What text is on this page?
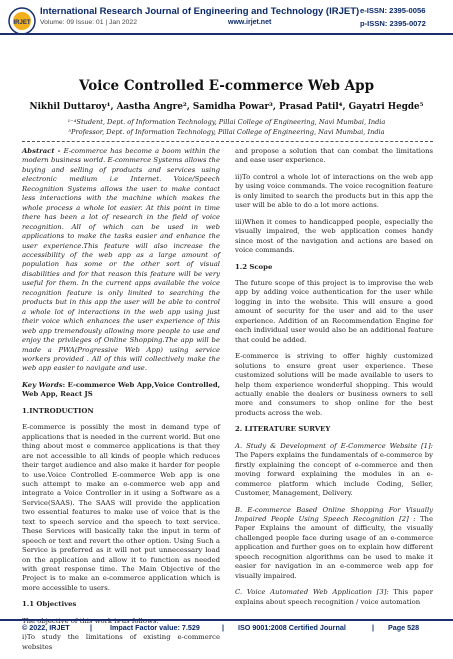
IRJET
International Research Journal of Engineering and Technology (IRJET)
Volume: 09 Issue: 01 | Jan 2022	www.irjet.net
e-ISSN: 2395-0056
p-ISSN: 2395-0072
Voice Controlled E-commerce Web App
Nikhil Duttaroy¹, Aastha Angre², Samidha Powar³, Prasad Patil⁴, Gayatri Hegde⁵
¹⁻⁴Student, Dept. of Information Technology, Pillai College of Engineering, Navi Mumbai, India
⁵Professor, Dept. of Information Technology, Pillai College of Engineering, Navi Mumbai, India

Abstract - E-commerce has become a boom within the modern business world. E-commerce Systems allows the buying and selling of products and services using electronic medium i.e Internet. Voice/Speech Recognition Systems allows the user to make contact less interactions with the machine which makes the whole process a whole lot easier. At this point in time there has been a lot of research in the field of voice recognition. All of which can be used in web applications to make the tasks easier and enhance the user experience.This feature will also increase the accessibility of the web app as a large amount of population has some or the other sort of visual disabilities and for that reason this feature will be very useful for them. In the current apps available the voice recognition feature is only limited to searching the products but in this app the user will be able to control a whole lot of interactions in the web app using just their voice which enhances the user experience of this web app tremendously allowing more people to use and enjoy the privileges of Online Shopping.The app will be made a PWA(Progressive Web App) using service workers provided . All of this will collectively make the web app easier to navigate and use.

Key Words: E-commerce Web App,Voice Controlled, Web App, React JS

1.INTRODUCTION

E-commerce is possibly the most in demand type of applications that is needed in the current world. But one thing about most e commerce applications is that they are not accessible to all kinds of people which reduces their target audience and also make it harder for people to use.Voice Controlled E-commerce Web app is one such attempt to make an e-commerce web app and integrate a Voice Controller in it using a Software as a Service(SAAS). The SAAS will provide the application two essential features to make use of voice that is the text to speech service and the speech to text service. These Services will basically take the input in term of speech or text and revert the other option. Using Such a Service is preferred as it will not put unnecessary load on the application and allow it to function as needed with great response time. The Main Objective of the Project is to make an e-commerce application which is more accessible to users.

1.1 Objectives

i)To study the limitations of existing e-commerce websites

and propose a solution that can combat the limitations and ease user experience.

ii)To control a whole lot of interactions on the web app by using voice commands. The voice recognition feature is only limited to search the products but in this app the user will be able to do a lot more actions.

iii)When it comes to handicapped people, especially the visually impaired, the web application comes handy since most of the navigation and actions are based on voice commands.

1.2 Scope

The future scope of this project is to improvise the web app by adding voice authentication for the user while logging in into the website. This will ensure a good amount of security for the user and aid to the user experience. Addition of an Recommendation Engine for each individual user would also be an additional feature that could be added.

E-commerce is striving to offer highly customized solutions to ensure great user experience. These customized solutions will be made available to users to help them experience wonderful shopping. This would actually enable the dealers or business owners to sell more and consumers to shop online for the best products across the web.

2. LITERATURE SURVEY

A. Study & Development of E-Commerce Website [1]: The Papers explains the fundamentals of e-commerce by firstly explaining the concept of e-commerce and then moving forward explaining the modules in an e-commerce platform which include Coding, Seller, Customer, Management, Delivery.

B. E-commerce Based Online Shopping For Visually Impaired People Using Speech Recognition [2] : The Paper Explains the amount of difficulty, the visually challenged people face during usage of an e-commerce application and further goes on to explain how different speech recognition algorithms can be used to make it easier for navigation in an e-commerce web app for visually impaired.

C. Voice Automated Web Application [3]: This paper explains about speech recognition / voice automation

© 2022, IRJET	| Impact Factor value: 7.529	| ISO 9001:2008 Certified Journal	| Page 528
